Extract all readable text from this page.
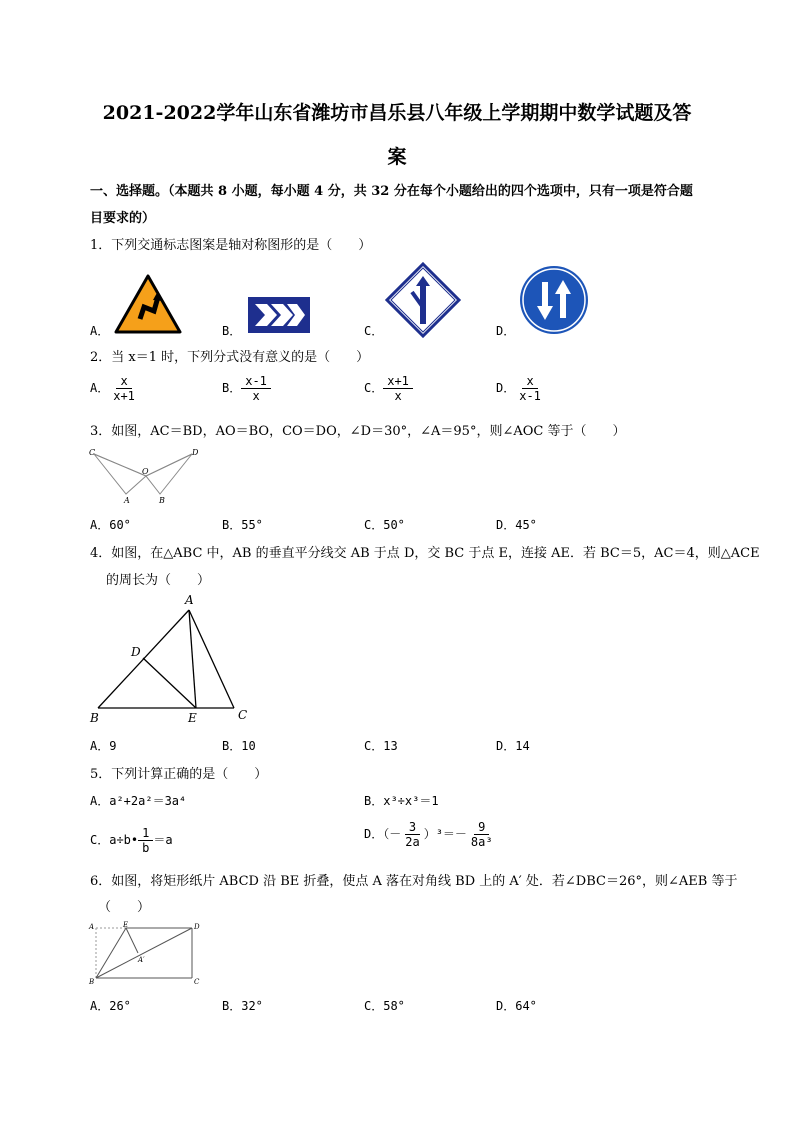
2021-2022学年山东省潍坊市昌乐县八年级上学期期中数学试题及答
案
一、选择题。（本题共 8 小题，每小题 4 分，共 32 分在每个小题给出的四个选项中，只有一项是符合题
目要求的）
1．下列交通标志图案是轴对称图形的是（　　）
A．	B．	C．	D．
2．当 x＝1 时，下列分式没有意义的是（　　）
A． $\frac{x}{x+1}$	B． $\frac{x-1}{x}$	C． $\frac{x+1}{x}$	D． $\frac{x}{x-1}$
3．如图，AC＝BD，AO＝BO，CO＝DO，∠D＝30°，∠A＝95°，则∠AOC 等于（　　）
C	D
O
A	B
A．60°	B．55°	C．50°	D．45°
4．如图，在△ABC 中，AB 的垂直平分线交 AB 于点 D，交 BC 于点 E，连接 AE．若 BC＝5，AC＝4，则△ACE
的周长为（　　）
A
D
B	E	C
A．9	B．10	C．13	D．14
5．下列计算正确的是（　　）
A．a²+2a²＝3a⁴	B．x³÷x³＝1
C．a÷b• $\frac{1}{b} =a$	D．（－ $\frac{3}{2a} )^3=- \frac{9}{\text{8a³}}$
6．如图，将矩形纸片 ABCD 沿 BE 折叠，使点 A 落在对角线 BD 上的 A′ 处．若∠DBC＝26°，则∠AEB 等于
（　　）
A	E	D
A′
B	C
A．26°	B．32°	C．58°	D．64°
